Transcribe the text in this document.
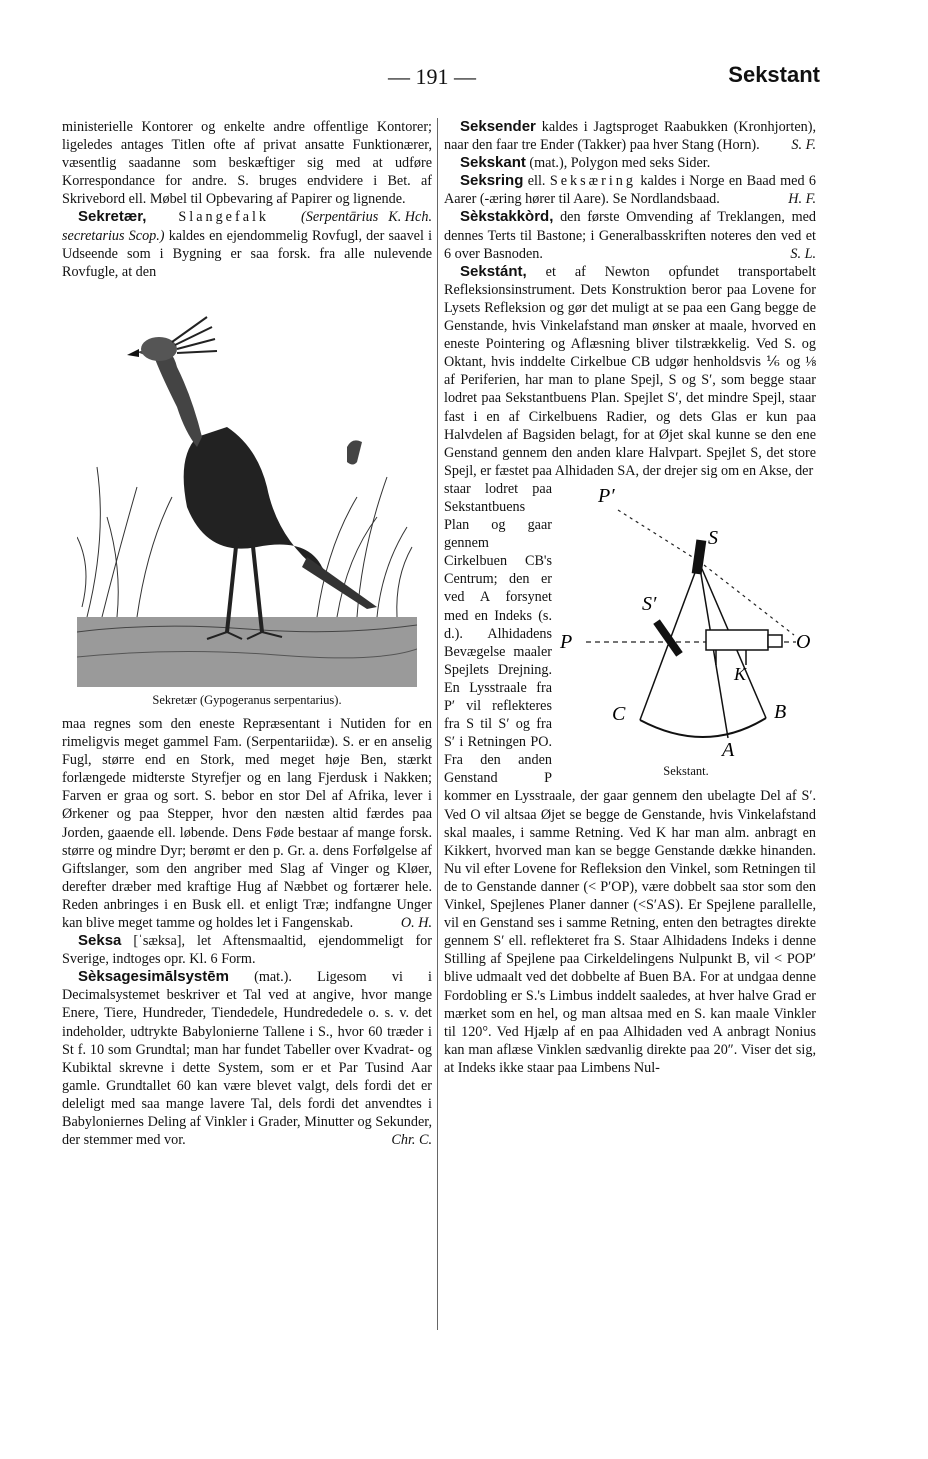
— 191 —	Sekstant

ministerielle Kontorer og enkelte andre offentlige Kontorer; ligeledes antages Titlen ofte af privat ansatte Funktionærer, væsentlig saadanne som beskæftiger sig med at udføre Korrespondance for andre. S. bruges endvidere i Bet. af Skrivebord ell. Møbel til Opbevaring af Papirer og lignende.
K. Hch.

Sekretær, Slangefalk (Serpentārius secretarius Scop.) kaldes en ejendommelig Rovfugl, der saavel i Udseende som i Bygning er saa forsk. fra alle nulevende Rovfugle, at den

Sekretær (Gypogeranus serpentarius).

maa regnes som den eneste Repræsentant i Nutiden for en rimeligvis meget gammel Fam. (Serpentariidæ). S. er en anselig Fugl, større end en Stork, med meget høje Ben, stærkt forlængede midterste Styrefjer og en lang Fjerdusk i Nakken; Farven er graa og sort. S. bebor en stor Del af Afrika, lever i Ørkener og paa Stepper, hvor den næsten altid færdes paa Jorden, gaaende ell. løbende. Dens Føde bestaar af mange forsk. større og mindre Dyr; berømt er den p. Gr. a. dens Forfølgelse af Giftslanger, som den angriber med Slag af Vinger og Kløer, derefter dræber med kraftige Hug af Næbbet og fortærer hele. Reden anbringes i en Busk ell. et enligt Træ; indfangne Unger kan blive meget tamme og holdes let i Fangenskab.	O. H.

Seksa [ˈsæksa], let Aftensmaaltid, ejendommeligt for Sverige, indtoges opr. Kl. 6 Form.

Sèksagesimālsystēm (mat.). Ligesom vi i Decimalsystemet beskriver et Tal ved at angive, hvor mange Enere, Tiere, Hundreder, Tiendedele, Hundrededele o. s. v. det indeholder, udtrykte Babylonierne Tallene i S., hvor 60 træder i St f. 10 som Grundtal; man har fundet Tabeller over Kvadrat- og Kubiktal skrevne i dette System, som er et Par Tusind Aar gamle. Grundtallet 60 kan være blevet valgt, dels fordi det er deleligt med saa mange lavere Tal, dels fordi det anvendtes i Babyloniernes Deling af Vinkler i Grader, Minutter og Sekunder, der stemmer med vor.	Chr. C.

Seksender kaldes i Jagtsproget Raabukken (Kronhjorten), naar den faar tre Ender (Takker) paa hver Stang (Horn).	S. F.

Sekskant (mat.), Polygon med seks Sider.

Seksring ell. Seksæring kaldes i Norge en Baad med 6 Aarer (-æring hører til Aare). Se Nordlandsbaad.	H. F.

Sèkstakkòrd, den første Omvending af Treklangen, med dennes Terts til Bastone; i Generalbasskriften noteres den ved et 6 over Basnoden.	S. L.

Sekstánt, et af Newton opfundet transportabelt Refleksionsinstrument. Dets Konstruktion beror paa Lovene for Lysets Refleksion og gør det muligt at se paa een Gang begge de Genstande, hvis Vinkelafstand man ønsker at maale, hvorved en eneste Pointering og Aflæsning bliver tilstrækkelig. Ved S. og Oktant, hvis inddelte Cirkelbue CB udgør henholdsvis ⅙ og ⅛ af Periferien, har man to plane Spejl, S og S′, som begge staar lodret paa Sekstantbuens Plan. Spejlet S′, det mindre Spejl, staar fast i en af Cirkelbuens Radier, og dets Glas er kun paa Halvdelen af Bagsiden belagt, for at Øjet skal kunne se den ene Genstand gennem den anden klare Halvpart. Spejlet S, det store Spejl, er fæstet paa Alhidaden SA, der drejer sig om en Akse, der

P′
S
S′
P	O
K
C	B
A
Sekstant.

staar lodret paa Sekstantbuens Plan og gaar gennem Cirkelbuen CB's Centrum; den er ved A forsynet med en Indeks (s. d.). Alhidadens Bevægelse maaler Spejlets Drejning. En Lysstraale fra P′ vil reflekteres fra S til S′ og fra S′ i Retningen PO. Fra den anden Genstand P kommer en Lysstraale, der gaar gennem den ubelagte Del af S′. Ved O vil altsaa Øjet se begge de Genstande, hvis Vinkelafstand skal maales, i samme Retning. Ved K har man alm. anbragt en Kikkert, hvorved man kan se begge Genstande dække hinanden. Nu vil efter Lovene for Refleksion den Vinkel, som Retningen til de to Genstande danner (< P′OP), være dobbelt saa stor som den Vinkel, Spejlenes Planer danner (<S′AS). Er Spejlene parallelle, vil en Genstand ses i samme Retning, enten den betragtes direkte gennem S′ ell. reflekteret fra S. Staar Alhidadens Indeks i denne Stilling af Spejlene paa Cirkeldelingens Nulpunkt B, vil < POP′ blive udmaalt ved det dobbelte af Buen BA. For at undgaa denne Fordobling er S.'s Limbus inddelt saaledes, at hver halve Grad er mærket som en hel, og man altsaa med en S. kan maale Vinkler til 120°. Ved Hjælp af en paa Alhidaden ved A anbragt Nonius kan man aflæse Vinklen sædvanlig direkte paa 20″. Viser det sig, at Indeks ikke staar paa Limbens Nul-
